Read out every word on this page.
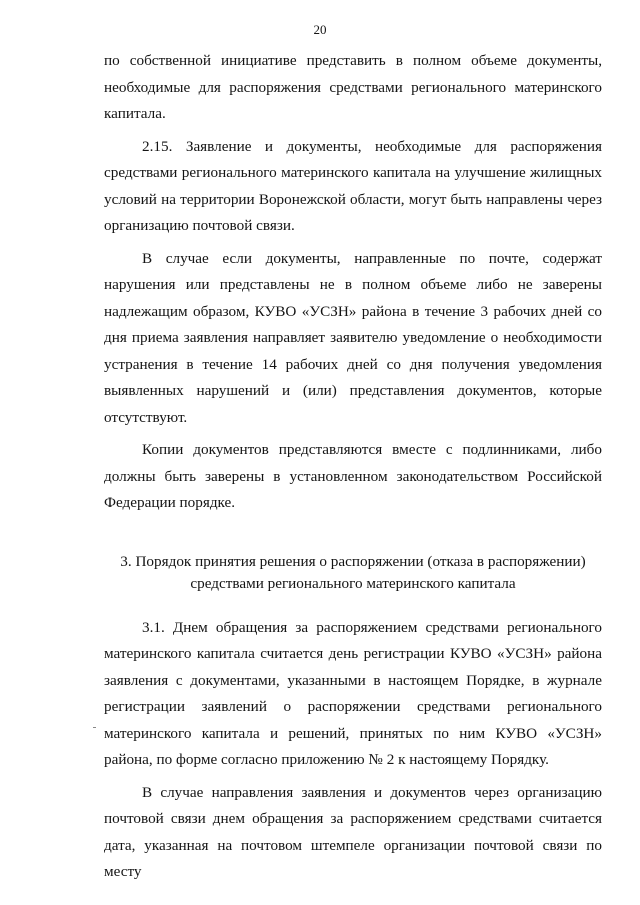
20

по собственной инициативе представить в полном объеме документы, необходимые для распоряжения средствами регионального материнского капитала.

2.15. Заявление и документы, необходимые для распоряжения средствами регионального материнского капитала на улучшение жилищных условий на территории Воронежской области, могут быть направлены через организацию почтовой связи.

В случае если документы, направленные по почте, содержат нарушения или представлены не в полном объеме либо не заверены надлежащим образом, КУВО «УСЗН» района в течение 3 рабочих дней со дня приема заявления направляет заявителю уведомление о необходимости устранения в течение 14 рабочих дней со дня получения уведомления выявленных нарушений и (или) представления документов, которые отсутствуют.

Копии документов представляются вместе с подлинниками, либо должны быть заверены в установленном законодательством Российской Федерации порядке.

3. Порядок принятия решения о распоряжении (отказа в распоряжении)
средствами регионального материнского капитала

3.1. Днем обращения за распоряжением средствами регионального материнского капитала считается день регистрации КУВО «УСЗН» района заявления с документами, указанными в настоящем Порядке, в журнале регистрации заявлений о распоряжении средствами регионального материнского капитала и решений, принятых по ним КУВО «УСЗН» района, по форме согласно приложению № 2 к настоящему Порядку.

В случае направления заявления и документов через организацию почтовой связи днем обращения за распоряжением средствами считается дата, указанная на почтовом штемпеле организации почтовой связи по месту
